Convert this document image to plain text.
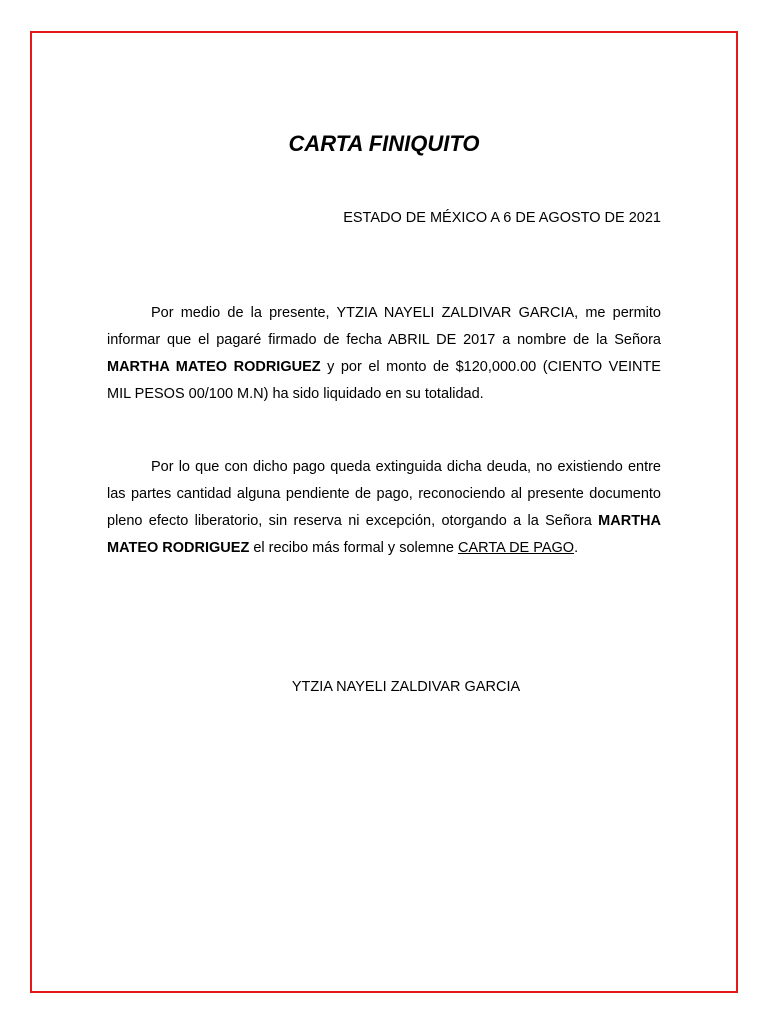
CARTA FINIQUITO

ESTADO DE MÉXICO A 6 DE AGOSTO DE 2021

Por medio de la presente, YTZIA NAYELI ZALDIVAR GARCIA, me permito informar que el pagaré firmado de fecha ABRIL DE 2017 a nombre de la Señora MARTHA MATEO RODRIGUEZ y por el monto de $120,000.00 (CIENTO VEINTE MIL PESOS 00/100 M.N) ha sido liquidado en su totalidad.

Por lo que con dicho pago queda extinguida dicha deuda, no existiendo entre las partes cantidad alguna pendiente de pago, reconociendo al presente documento pleno efecto liberatorio, sin reserva ni excepción, otorgando a la Señora MARTHA MATEO RODRIGUEZ el recibo más formal y solemne CARTA DE PAGO.

YTZIA NAYELI ZALDIVAR GARCIA
